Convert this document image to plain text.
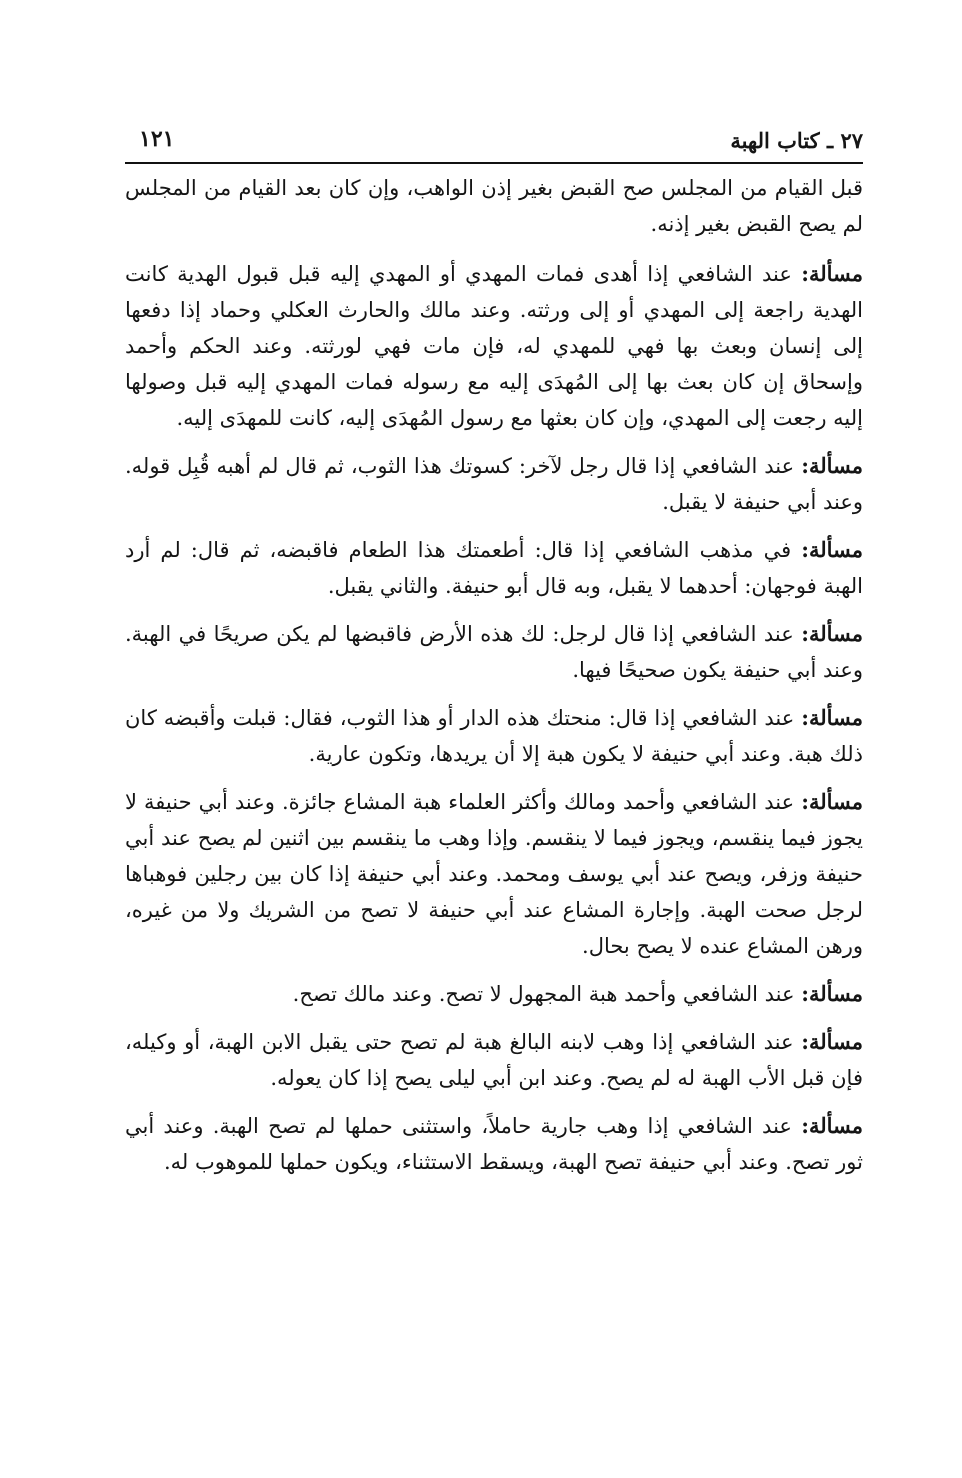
٢٧ ـ كتاب الهبة
١٢١

قبل القيام من المجلس صح القبض بغير إذن الواهب، وإن كان بعد القيام من المجلس لم يصح القبض بغير إذنه.

مسألة: عند الشافعي إذا أهدى فمات المهدي أو المهدي إليه قبل قبول الهدية كانت الهدية راجعة إلى المهدي أو إلى ورثته. وعند مالك والحارث العكلي وحماد إذا دفعها إلى إنسان وبعث بها فهي للمهدي له، فإن مات فهي لورثته. وعند الحكم وأحمد وإسحاق إن كان بعث بها إلى المُهدَى إليه مع رسوله فمات المهدي إليه قبل وصولها إليه رجعت إلى المهدي، وإن كان بعثها مع رسول المُهدَى إليه، كانت للمهدَى إليه.

مسألة: عند الشافعي إذا قال رجل لآخر: كسوتك هذا الثوب، ثم قال لم أهبه قُبِل قوله. وعند أبي حنيفة لا يقبل.

مسألة: في مذهب الشافعي إذا قال: أطعمتك هذا الطعام فاقبضه، ثم قال: لم أرد الهبة فوجهان: أحدهما لا يقبل، وبه قال أبو حنيفة. والثاني يقبل.

مسألة: عند الشافعي إذا قال لرجل: لك هذه الأرض فاقبضها لم يكن صريحًا في الهبة. وعند أبي حنيفة يكون صحيحًا فيها.

مسألة: عند الشافعي إذا قال: منحتك هذه الدار أو هذا الثوب، فقال: قبلت وأقبضه كان ذلك هبة. وعند أبي حنيفة لا يكون هبة إلا أن يريدها، وتكون عارية.

مسألة: عند الشافعي وأحمد ومالك وأكثر العلماء هبة المشاع جائزة. وعند أبي حنيفة لا يجوز فيما ينقسم، ويجوز فيما لا ينقسم. وإذا وهب ما ينقسم بين اثنين لم يصح عند أبي حنيفة وزفر، ويصح عند أبي يوسف ومحمد. وعند أبي حنيفة إذا كان بين رجلين فوهباها لرجل صحت الهبة. وإجارة المشاع عند أبي حنيفة لا تصح من الشريك ولا من غيره، ورهن المشاع عنده لا يصح بحال.

مسألة: عند الشافعي وأحمد هبة المجهول لا تصح. وعند مالك تصح.

مسألة: عند الشافعي إذا وهب لابنه البالغ هبة لم تصح حتى يقبل الابن الهبة، أو وكيله، فإن قبل الأب الهبة له لم يصح. وعند ابن أبي ليلى يصح إذا كان يعوله.

مسألة: عند الشافعي إذا وهب جارية حاملاً، واستثنى حملها لم تصح الهبة. وعند أبي ثور تصح. وعند أبي حنيفة تصح الهبة، ويسقط الاستثناء، ويكون حملها للموهوب له.
